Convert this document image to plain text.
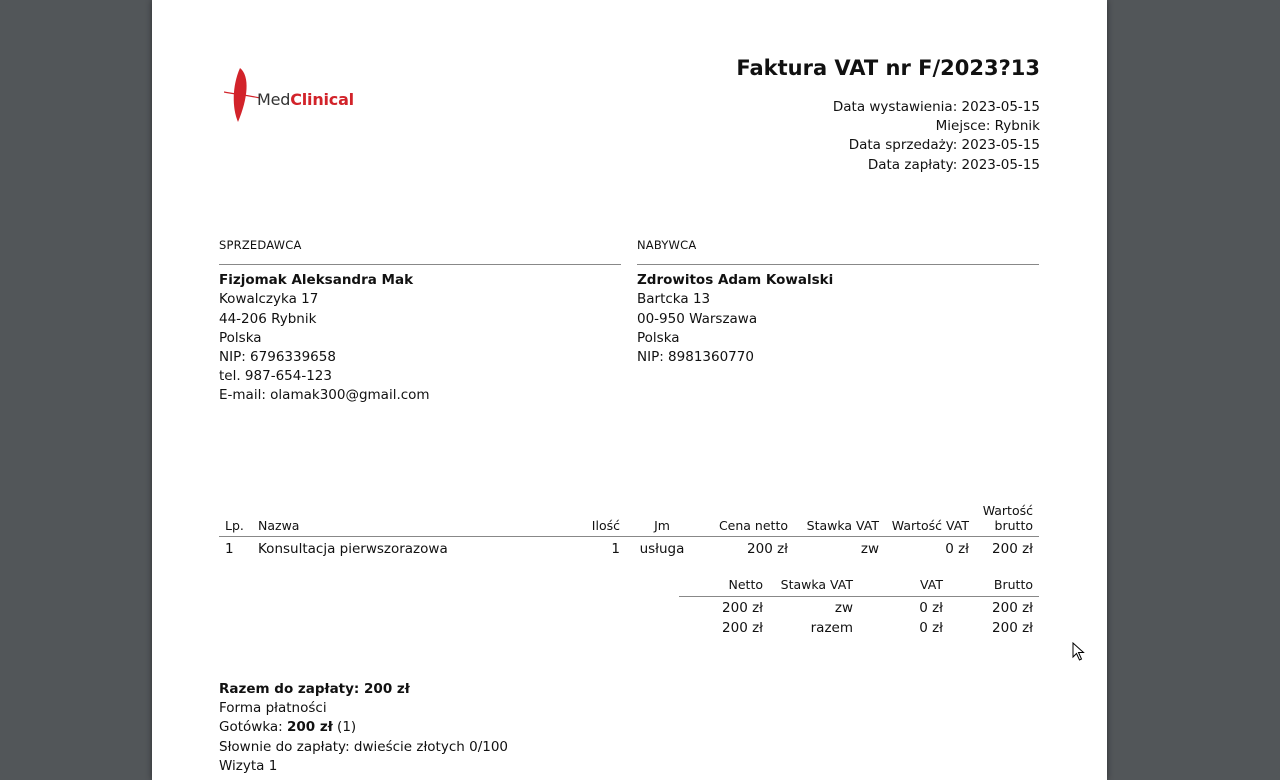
MedClinical
Faktura VAT nr F/2023?13
Data wystawienia: 2023-05-15
Miejsce: Rybnik
Data sprzedaży: 2023-05-15
Data zapłaty: 2023-05-15
SPRZEDAWCA
Fizjomak Aleksandra Mak
Kowalczyka 17
44-206 Rybnik
Polska
NIP: 6796339658
tel. 987-654-123
E-mail: olamak300@gmail.com
NABYWCA
Zdrowitos Adam Kowalski
Bartcka 13
00-950 Warszawa
Polska
NIP: 8981360770
Lp.	Nazwa	Ilość	Jm	Cena netto	Stawka VAT	Wartość VAT	Wartość
brutto

1	Konsultacja pierwszorazowa	1	usługa	200 zł	zw	0 zł	200 zł
Netto	Stawka VAT	VAT	Brutto
200 zł	zw	0 zł	200 zł
200 zł	razem	0 zł	200 zł
Razem do zapłaty: 200 zł
Forma płatności
Gotówka: 200 zł (1)
Słownie do zapłaty: dwieście złotych 0/100
Wizyta 1
